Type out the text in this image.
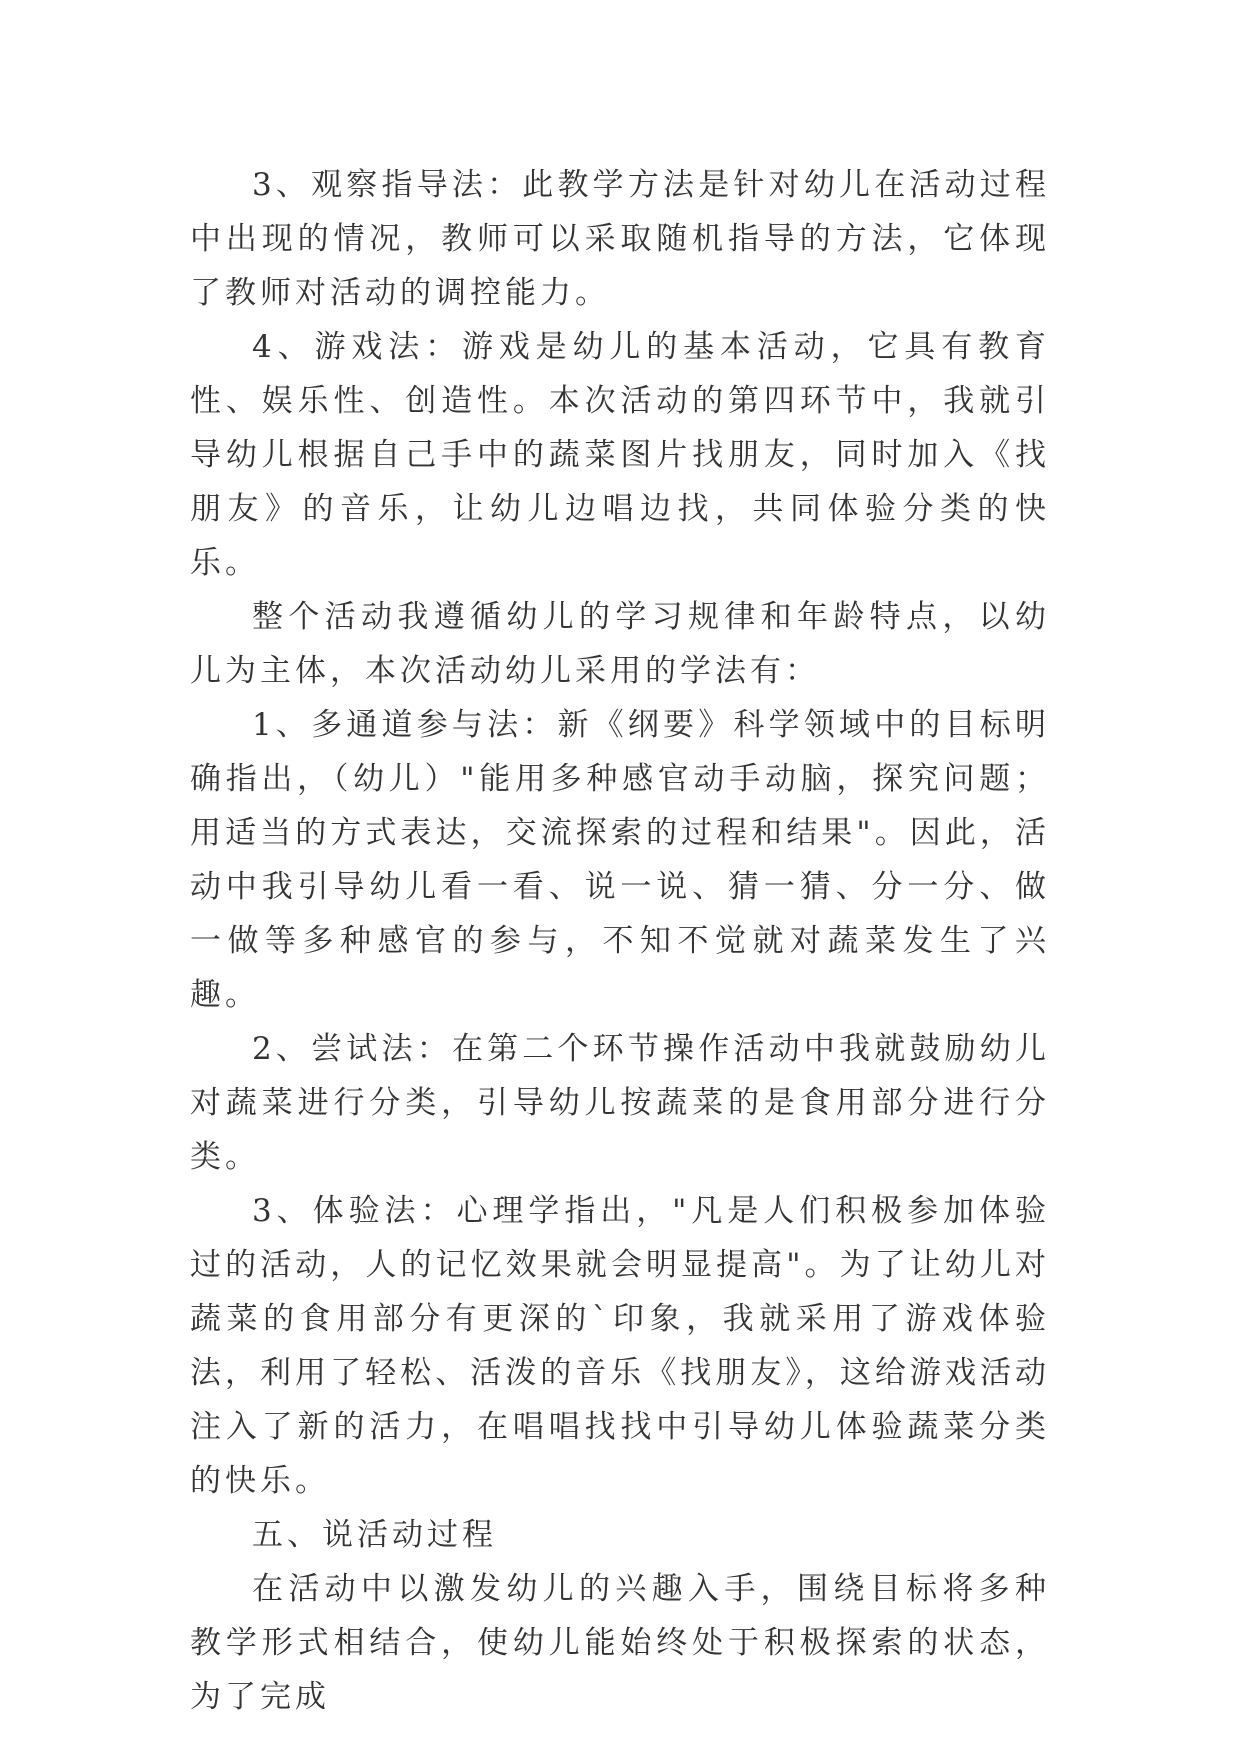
3、观察指导法：此教学方法是针对幼儿在活动过程中出现的情况，教师可以采取随机指导的方法，它体现了教师对活动的调控能力。

4、游戏法：游戏是幼儿的基本活动，它具有教育性、娱乐性、创造性。本次活动的第四环节中，我就引导幼儿根据自己手中的蔬菜图片找朋友，同时加入《找朋友》的音乐，让幼儿边唱边找，共同体验分类的快乐。

整个活动我遵循幼儿的学习规律和年龄特点，以幼儿为主体，本次活动幼儿采用的学法有：

1、多通道参与法：新《纲要》科学领域中的目标明确指出，（幼儿）"能用多种感官动手动脑，探究问题；用适当的方式表达，交流探索的过程和结果"。因此，活动中我引导幼儿看一看、说一说、猜一猜、分一分、做一做等多种感官的参与，不知不觉就对蔬菜发生了兴趣。

2、尝试法：在第二个环节操作活动中我就鼓励幼儿对蔬菜进行分类，引导幼儿按蔬菜的是食用部分进行分类。

3、体验法：心理学指出，"凡是人们积极参加体验过的活动，人的记忆效果就会明显提高"。为了让幼儿对蔬菜的食用部分有更深的`印象，我就采用了游戏体验法，利用了轻松、活泼的音乐《找朋友》，这给游戏活动注入了新的活力，在唱唱找找中引导幼儿体验蔬菜分类的快乐。

五、说活动过程

在活动中以激发幼儿的兴趣入手，围绕目标将多种教学形式相结合，使幼儿能始终处于积极探索的状态，为了完成
